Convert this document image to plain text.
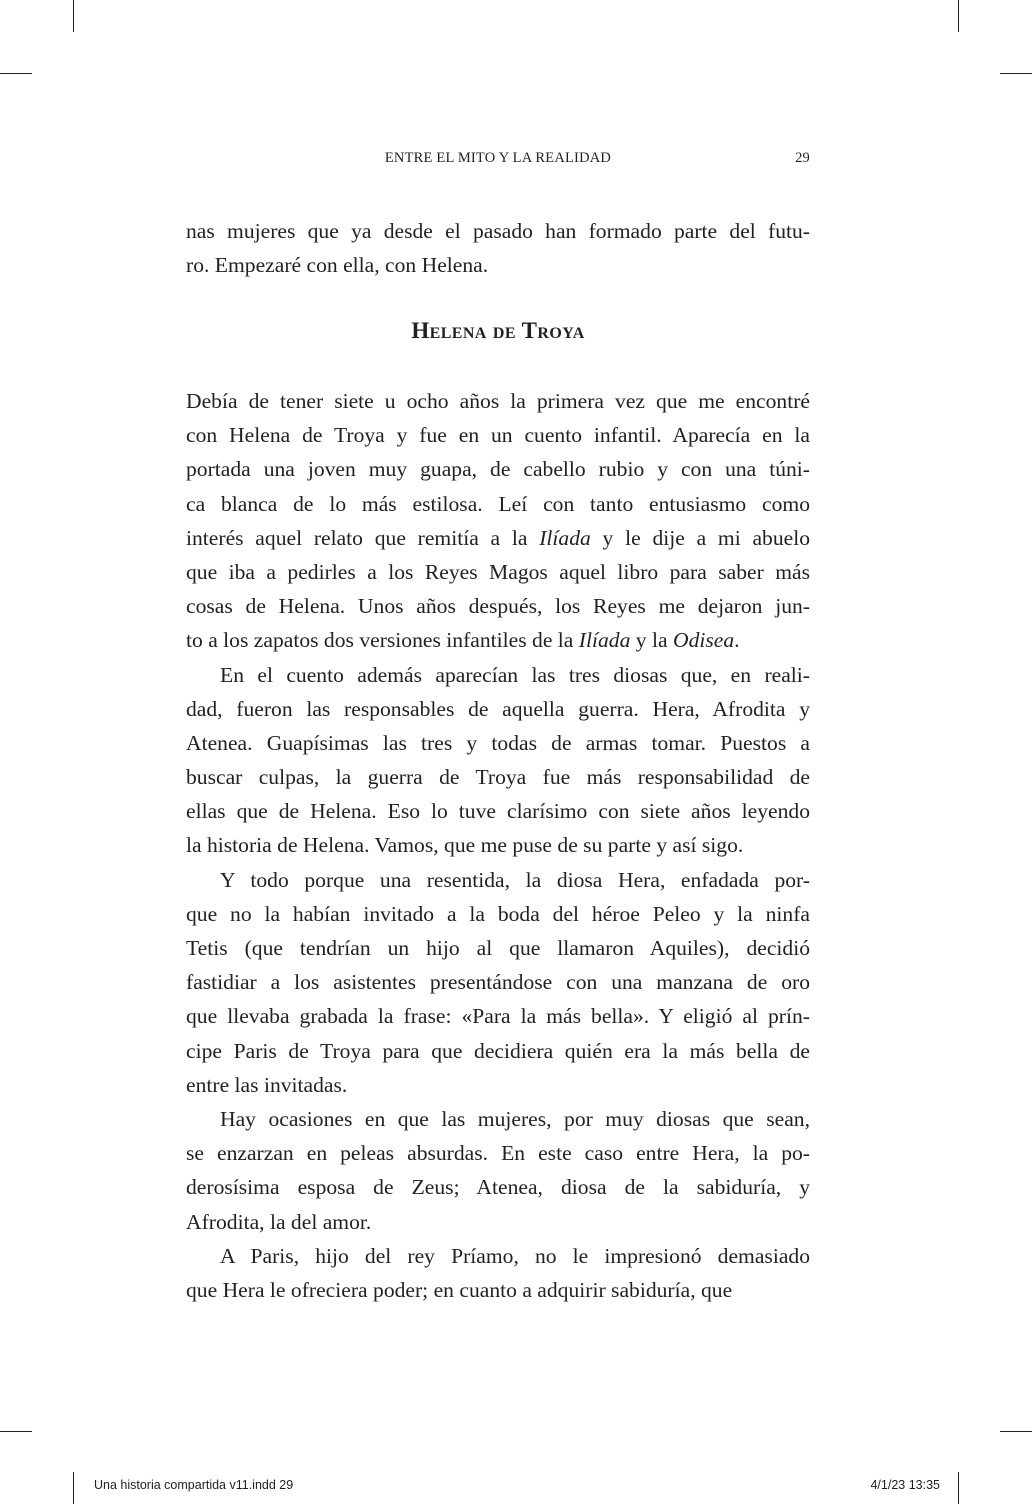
ENTRE EL MITO Y LA REALIDAD	29
nas mujeres que ya desde el pasado han formado parte del futu-
ro. Empezaré con ella, con Helena.
Helena de Troya
Debía de tener siete u ocho años la primera vez que me encontré
con Helena de Troya y fue en un cuento infantil. Aparecía en la
portada una joven muy guapa, de cabello rubio y con una túni-
ca blanca de lo más estilosa. Leí con tanto entusiasmo como
interés aquel relato que remitía a la Ilíada y le dije a mi abuelo
que iba a pedirles a los Reyes Magos aquel libro para saber más
cosas de Helena. Unos años después, los Reyes me dejaron jun-
to a los zapatos dos versiones infantiles de la Ilíada y la Odisea.
En el cuento además aparecían las tres diosas que, en reali-
dad, fueron las responsables de aquella guerra. Hera, Afrodita y
Atenea. Guapísimas las tres y todas de armas tomar. Puestos a
buscar culpas, la guerra de Troya fue más responsabilidad de
ellas que de Helena. Eso lo tuve clarísimo con siete años leyendo
la historia de Helena. Vamos, que me puse de su parte y así sigo.
Y todo porque una resentida, la diosa Hera, enfadada por-
que no la habían invitado a la boda del héroe Peleo y la ninfa
Tetis (que tendrían un hijo al que llamaron Aquiles), decidió
fastidiar a los asistentes presentándose con una manzana de oro
que llevaba grabada la frase: «Para la más bella». Y eligió al prín-
cipe Paris de Troya para que decidiera quién era la más bella de
entre las invitadas.
Hay ocasiones en que las mujeres, por muy diosas que sean,
se enzarzan en peleas absurdas. En este caso entre Hera, la po-
derosísima esposa de Zeus; Atenea, diosa de la sabiduría, y
Afrodita, la del amor.
A Paris, hijo del rey Príamo, no le impresionó demasiado
que Hera le ofreciera poder; en cuanto a adquirir sabiduría, que
Una historia compartida v11.indd 29	4/1/23 13:35
